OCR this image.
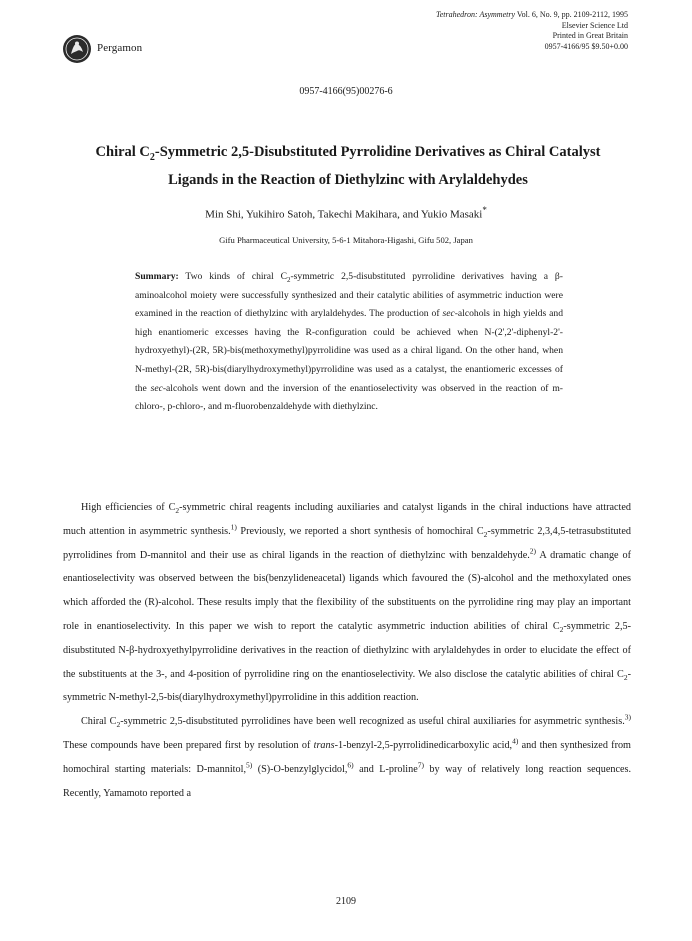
Pergamon
Tetrahedron: Asymmetry Vol. 6, No. 9, pp. 2109-2112, 1995
Elsevier Science Ltd
Printed in Great Britain
0957-4166/95 $9.50+0.00
0957-4166(95)00276-6
Chiral $C_2$-Symmetric 2,5-Disubstituted Pyrrolidine Derivatives as Chiral Catalyst Ligands in the Reaction of Diethylzinc with Arylaldehydes
Min Shi, Yukihiro Satoh, Takechi Makihara, and Yukio Masaki*
Gifu Pharmaceutical University, 5-6-1 Mitahora-Higashi, Gifu 502, Japan
Summary: Two kinds of chiral $C_2$-symmetric 2,5-disubstituted pyrrolidine derivatives having a β-aminoalcohol moiety were successfully synthesized and their catalytic abilities of asymmetric induction were examined in the reaction of diethylzinc with arylaldehydes. The production of sec-alcohols in high yields and high enantiomeric excesses having the R-configuration could be achieved when N-(2',2'-diphenyl-2'-hydroxyethyl)-(2R, 5R)-bis(methoxymethyl)pyrrolidine was used as a chiral ligand. On the other hand, when N-methyl-(2R, 5R)-bis(diarylhydroxymethyl)pyrrolidine was used as a catalyst, the enantiomeric excesses of the sec-alcohols went down and the inversion of the enantioselectivity was observed in the reaction of m-chloro-, p-chloro-, and m-fluorobenzaldehyde with diethylzinc.

High efficiencies of $C_2$-symmetric chiral reagents including auxiliaries and catalyst ligands in the chiral inductions have attracted much attention in asymmetric synthesis.$^{1)}$ Previously, we reported a short synthesis of homochiral $C_2$-symmetric 2,3,4,5-tetrasubstituted pyrrolidines from D-mannitol and their use as chiral ligands in the reaction of diethylzinc with benzaldehyde.$^{2)}$ A dramatic change of enantioselectivity was observed between the bis(benzylideneacetal) ligands which favoured the (S)-alcohol and the methoxylated ones which afforded the (R)-alcohol. These results imply that the flexibility of the substituents on the pyrrolidine ring may play an important role in enantioselectivity. In this paper we wish to report the catalytic asymmetric induction abilities of chiral $C_2$-symmetric 2,5-disubstituted N-β-hydroxyethylpyrrolidine derivatives in the reaction of diethylzinc with arylaldehydes in order to elucidate the effect of the substituents at the 3-, and 4-position of pyrrolidine ring on the enantioselectivity. We also disclose the catalytic abilities of chiral $C_2$-symmetric N-methyl-2,5-bis(diarylhydroxymethyl)pyrrolidine in this addition reaction.

Chiral $C_2$-symmetric 2,5-disubstituted pyrrolidines have been well recognized as useful chiral auxiliaries for asymmetric synthesis.$^{3)}$ These compounds have been prepared first by resolution of trans-1-benzyl-2,5-pyrrolidinedicarboxylic acid,$^{4)}$ and then synthesized from homochiral starting materials: D-mannitol,$^{5)}$ (S)-O-benzylglycidol,$^{6)}$ and L-proline$^{7)}$ by way of relatively long reaction sequences. Recently, Yamamoto reported a

2109
